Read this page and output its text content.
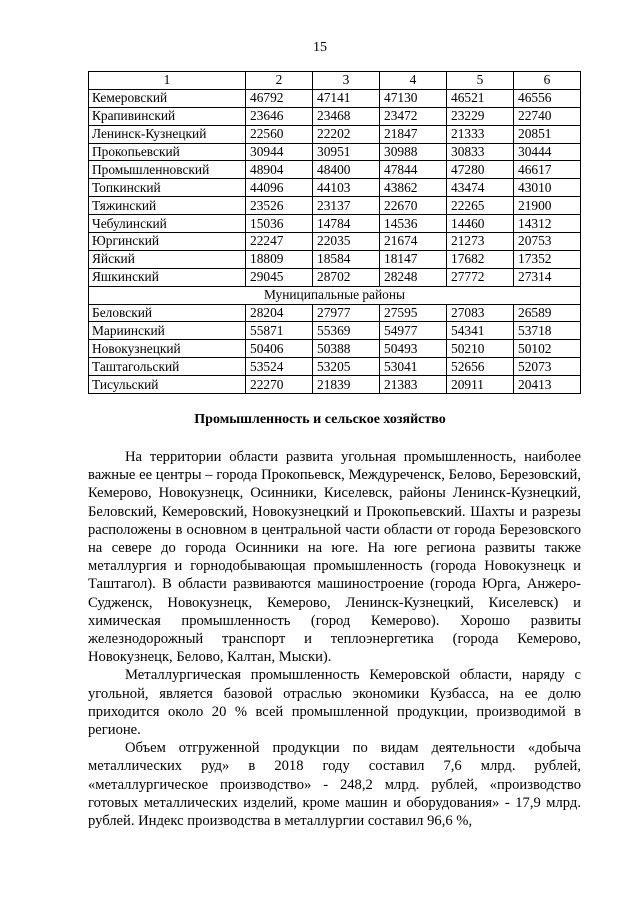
15
1	2	3	4	5	6
Кемеровский	46792	47141	47130	46521	46556
Крапивинский	23646	23468	23472	23229	22740
Ленинск-Кузнецкий	22560	22202	21847	21333	20851
Прокопьевский	30944	30951	30988	30833	30444
Промышленновский	48904	48400	47844	47280	46617
Топкинский	44096	44103	43862	43474	43010
Тяжинский	23526	23137	22670	22265	21900
Чебулинский	15036	14784	14536	14460	14312
Юргинский	22247	22035	21674	21273	20753
Яйский	18809	18584	18147	17682	17352
Яшкинский	29045	28702	28248	27772	27314
Муниципальные районы					
Беловский	28204	27977	27595	27083	26589
Мариинский	55871	55369	54977	54341	53718
Новокузнецкий	50406	50388	50493	50210	50102
Таштагольский	53524	53205	53041	52656	52073
Тисульский	22270	21839	21383	20911	20413
Промышленность и сельское хозяйство

На территории области развита угольная промышленность, наиболее важные ее центры – города Прокопьевск, Междуреченск, Белово, Березовский, Кемерово, Новокузнецк, Осинники, Киселевск, районы Ленинск-Кузнецкий, Беловский, Кемеровский, Новокузнецкий и Прокопьевский. Шахты и разрезы расположены в основном в центральной части области от города Березовского на севере до города Осинники на юге. На юге региона развиты также металлургия и горнодобывающая промышленность (города Новокузнецк и Таштагол). В области развиваются машиностроение (города Юрга, Анжеро-Судженск, Новокузнецк, Кемерово, Ленинск-Кузнецкий, Киселевск) и химическая промышленность (город Кемерово). Хорошо развиты железнодорожный транспорт и теплоэнергетика (города Кемерово, Новокузнецк, Белово, Калтан, Мыски).

Металлургическая промышленность Кемеровской области, наряду с угольной, является базовой отраслью экономики Кузбасса, на ее долю приходится около 20 % всей промышленной продукции, производимой в регионе.

Объем отгруженной продукции по видам деятельности «добыча металлических руд» в 2018 году составил 7,6 млрд. рублей, «металлургическое производство» - 248,2 млрд. рублей, «производство готовых металлических изделий, кроме машин и оборудования» - 17,9 млрд. рублей. Индекс производства в металлургии составил 96,6 %,
